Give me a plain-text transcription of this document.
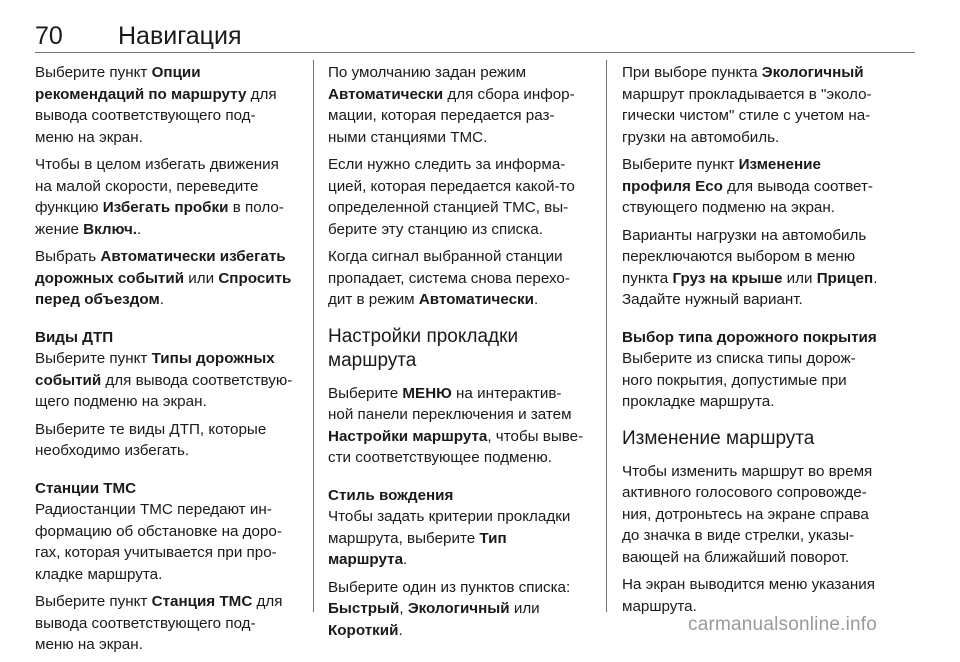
70 Навигация

Выберите пункт Опции
рекомендаций по маршруту для
вывода соответствующего под-
меню на экран.

Чтобы в целом избегать движения
на малой скорости, переведите
функцию Избегать пробки в поло-
жение Включ..

Выбрать Автоматически избегать
дорожных событий или Спросить
перед объездом.

Виды ДТП

Выберите пункт Типы дорожных
событий для вывода соответствую-
щего подменю на экран.

Выберите те виды ДТП, которые
необходимо избегать.

Станции TMC

Радиостанции TMC передают ин-
формацию об обстановке на доро-
гах, которая учитывается при про-
кладке маршрута.

Выберите пункт Станция TMC для
вывода соответствующего под-
меню на экран.

По умолчанию задан режим
Автоматически для сбора инфор-
мации, которая передается раз-
ными станциями TMC.

Если нужно следить за информа-
цией, которая передается какой-то
определенной станцией TMC, вы-
берите эту станцию из списка.

Когда сигнал выбранной станции
пропадает, система снова перехо-
дит в режим Автоматически.

Настройки прокладки
маршрута

Выберите МЕНЮ на интерактив-
ной панели переключения и затем
Настройки маршрута, чтобы выве-
сти соответствующее подменю.

Стиль вождения

Чтобы задать критерии прокладки
маршрута, выберите Тип
маршрута.

Выберите один из пунктов списка:
Быстрый, Экологичный или
Короткий.

При выборе пункта Экологичный
маршрут прокладывается в "эколо-
гически чистом" стиле с учетом на-
грузки на автомобиль.

Выберите пункт Изменение
профиля Eco для вывода соответ-
ствующего подменю на экран.

Варианты нагрузки на автомобиль
переключаются выбором в меню
пункта Груз на крыше или Прицеп.
Задайте нужный вариант.

Выбор типа дорожного покрытия

Выберите из списка типы дорож-
ного покрытия, допустимые при
прокладке маршрута.

Изменение маршрута

Чтобы изменить маршрут во время
активного голосового сопровожде-
ния, дотроньтесь на экране справа
до значка в виде стрелки, указы-
вающей на ближайший поворот.

На экран выводится меню указания
маршрута.

carmanualsonline.info
